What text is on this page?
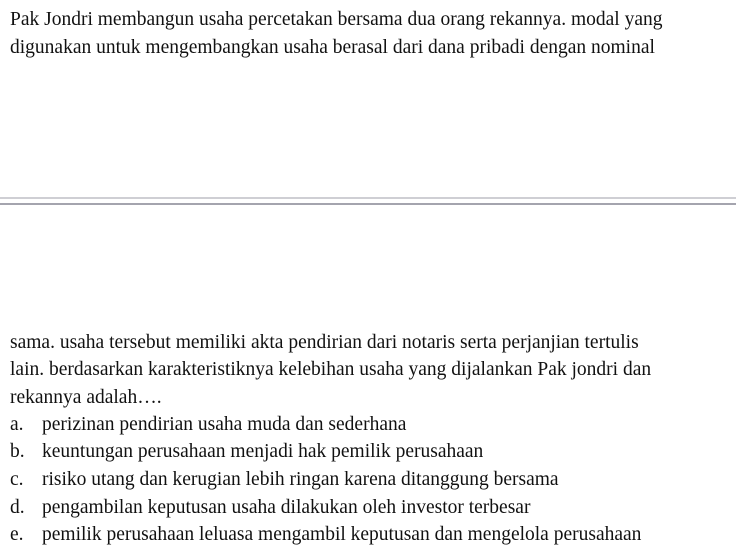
Pak Jondri membangun usaha percetakan bersama dua orang rekannya. modal yang
digunakan untuk mengembangkan usaha berasal dari dana pribadi dengan nominal
sama. usaha tersebut memiliki akta pendirian dari notaris serta perjanjian tertulis
lain. berdasarkan karakteristiknya kelebihan usaha yang dijalankan Pak jondri dan
rekannya adalah….
a. perizinan pendirian usaha muda dan sederhana
b. keuntungan perusahaan menjadi hak pemilik perusahaan
c. risiko utang dan kerugian lebih ringan karena ditanggung bersama
d. pengambilan keputusan usaha dilakukan oleh investor terbesar
e. pemilik perusahaan leluasa mengambil keputusan dan mengelola perusahaan
